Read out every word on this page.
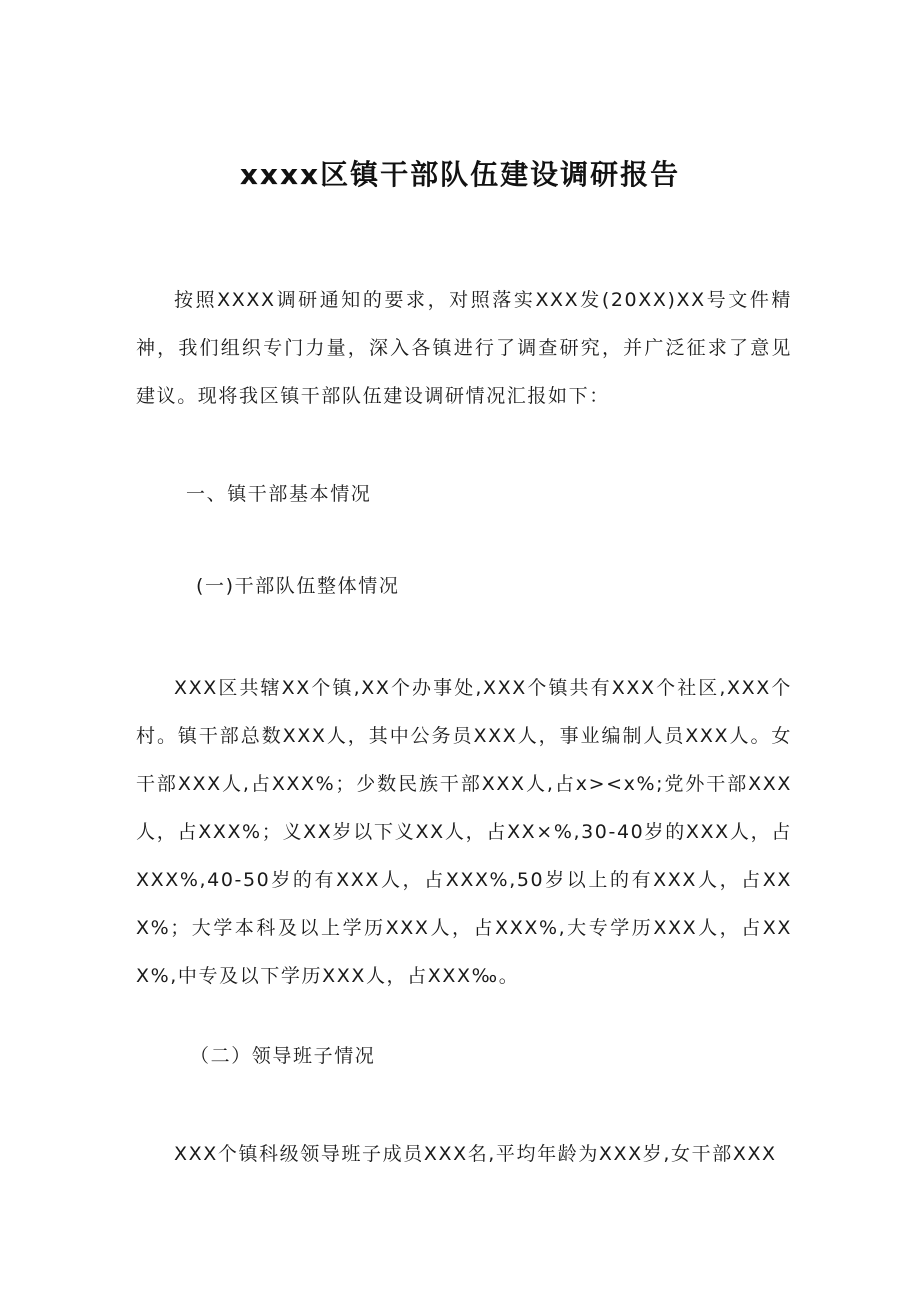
xxxx区镇干部队伍建设调研报告

按照XXXX调研通知的要求，对照落实XXX发(20XX)XX号文件精神，我们组织专门力量，深入各镇进行了调查研究，并广泛征求了意见建议。现将我区镇干部队伍建设调研情况汇报如下：

一、镇干部基本情况

(一)干部队伍整体情况

XXX区共辖XX个镇,XX个办事处,XXX个镇共有XXX个社区,XXX个村。镇干部总数XXX人，其中公务员XXX人，事业编制人员XXX人。女干部XXX人,占XXX%；少数民族干部XXX人,占x><x%;党外干部XXX人，占XXX%；义XX岁以下义XX人，占XX×%,30-40岁的XXX人，占XXX%,40-50岁的有XXX人，占XXX%,50岁以上的有XXX人，占XXX%；大学本科及以上学历XXX人，占XXX%,大专学历XXX人，占XXX%,中专及以下学历XXX人，占XXX‰。

（二）领导班子情况

XXX个镇科级领导班子成员XXX名,平均年龄为XXX岁,女干部XXX
